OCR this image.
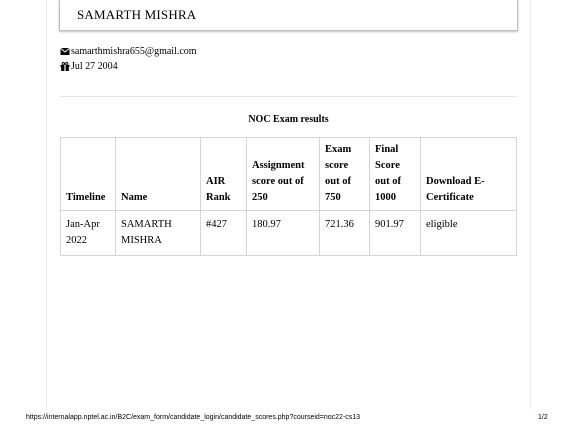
SAMARTH MISHRA
samarthmishra655@gmail.com
Jul 27 2004
NOC Exam results
Timeline	Name	AIR Rank	Assignment score out of 250	Exam score out of 750	Final Score out of 1000	Download E-Certificate
Jan-Apr 2022	SAMARTH MISHRA	#427	180.97	721.36	901.97	eligible
https://internalapp.nptel.ac.in/B2C/exam_form/candidate_login/candidate_scores.php?courseid=noc22-cs13	1/2
